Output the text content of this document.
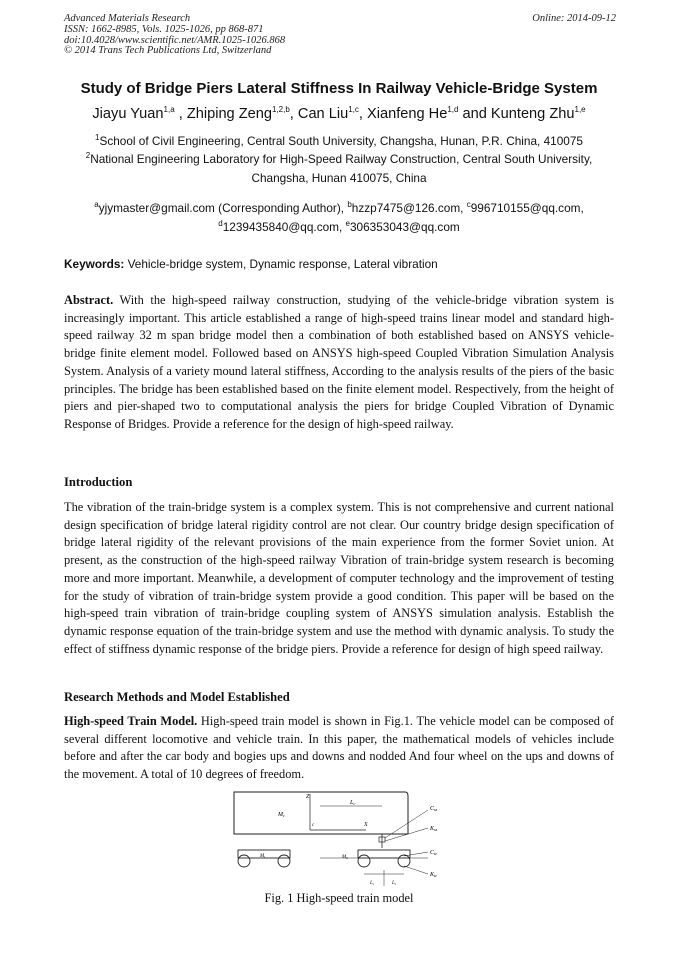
Advanced Materials Research	Online: 2014-09-12
ISSN: 1662-8985, Vols. 1025-1026, pp 868-871
doi:10.4028/www.scientific.net/AMR.1025-1026.868
© 2014 Trans Tech Publications Ltd, Switzerland
Study of Bridge Piers Lateral Stiffness In Railway Vehicle-Bridge System
Jiayu Yuan$^{1,a}$ , Zhiping Zeng$^{1,2,b}$, Can Liu$^{1,c}$, Xianfeng He$^{1,d}$ and Kunteng Zhu$^{1,e}$
$^1$School of Civil Engineering, Central South University, Changsha, Hunan, P.R. China, 410075
$^2$National Engineering Laboratory for High-Speed Railway Construction, Central South University,
Changsha, Hunan 410075, China
$^a$yjymaster@gmail.com (Corresponding Author), $^b$hzzp7475@126.com, $^c$996710155@qq.com,
$^d$1239435840@qq.com, $^e$306353043@qq.com
Keywords: Vehicle-bridge system, Dynamic response, Lateral vibration
Abstract. With the high-speed railway construction, studying of the vehicle-bridge vibration system is increasingly important. This article established a range of high-speed trains linear model and standard high-speed railway 32 m span bridge model then a combination of both established based on ANSYS vehicle-bridge finite element model. Followed based on ANSYS high-speed Coupled Vibration Simulation Analysis System. Analysis of a variety mound lateral stiffness, According to the analysis results of the piers of the basic principles. The bridge has been established based on the finite element model. Respectively, from the height of piers and pier-shaped two to computational analysis the piers for bridge Coupled Vibration of Dynamic Response of Bridges. Provide a reference for the design of high-speed railway.
Introduction
The vibration of the train-bridge system is a complex system. This is not comprehensive and current national design specification of bridge lateral rigidity control are not clear. Our country bridge design specification of bridge lateral rigidity of the relevant provisions of the main experience from the former Soviet union. At present, as the construction of the high-speed railway Vibration of train-bridge system research is becoming more and more important. Meanwhile, a development of computer technology and the improvement of testing for the study of vibration of train-bridge system provide a good condition. This paper will be based on the high-speed train vibration of train-bridge coupling system of ANSYS simulation analysis. Establish the dynamic response equation of the train-bridge system and use the method with dynamic analysis. To study the effect of stiffness dynamic response of the bridge piers. Provide a reference for design of high speed railway.
Research Methods and Model Established
High-speed Train Model. High-speed train model is shown in Fig.1. The vehicle model can be composed of several different locomotive and vehicle train. In this paper, the mathematical models of vehicles include before and after the car body and bogies ups and downs and nodded And four wheel on the ups and downs of the movement. A total of 10 degrees of freedom.
Z
X
c
Mc
Lc
Csz
Ksz
$M_t$	M
Ctz
Ktz
$L_t$	$L_t$
Fig. 1 High-speed train model
